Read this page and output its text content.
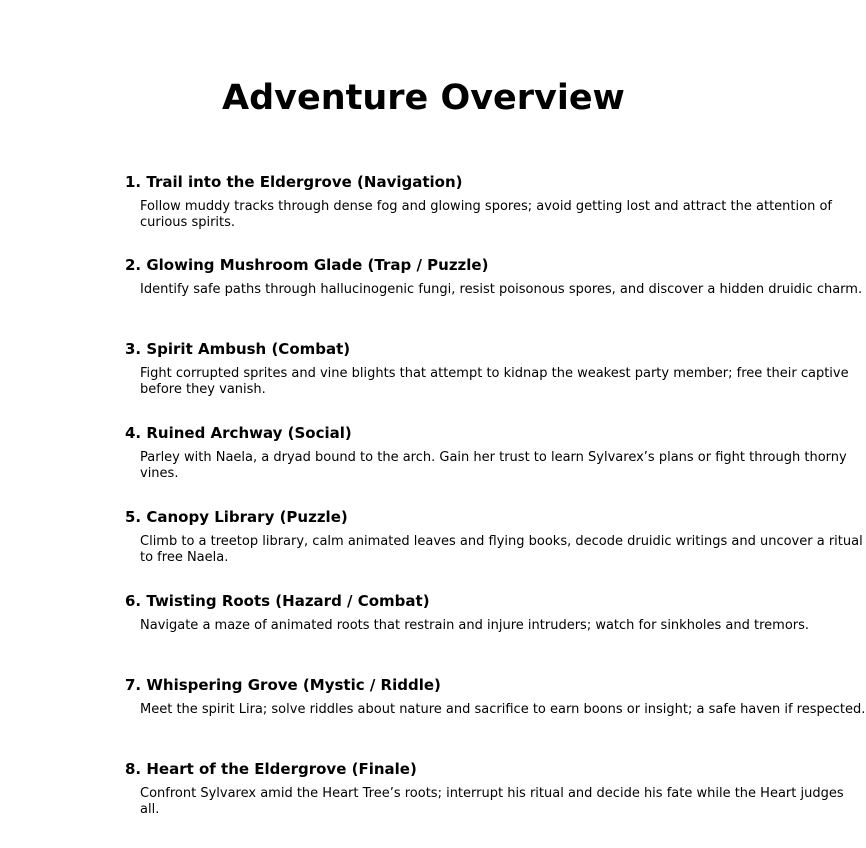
Adventure Overview
1. Trail into the Eldergrove (Navigation)

Follow muddy tracks through dense fog and glowing spores; avoid getting lost and attract the attention of curious spirits.

2. Glowing Mushroom Glade (Trap / Puzzle)

Identify safe paths through hallucinogenic fungi, resist poisonous spores, and discover a hidden druidic charm.

3. Spirit Ambush (Combat)

Fight corrupted sprites and vine blights that attempt to kidnap the weakest party member; free their captive before they vanish.

4. Ruined Archway (Social)

Parley with Naela, a dryad bound to the arch. Gain her trust to learn Sylvarex’s plans or fight through thorny vines.

5. Canopy Library (Puzzle)

Climb to a treetop library, calm animated leaves and flying books, decode druidic writings and uncover a ritual to free Naela.

6. Twisting Roots (Hazard / Combat)

Navigate a maze of animated roots that restrain and injure intruders; watch for sinkholes and tremors.

7. Whispering Grove (Mystic / Riddle)

Meet the spirit Lira; solve riddles about nature and sacrifice to earn boons or insight; a safe haven if respected.

8. Heart of the Eldergrove (Finale)

Confront Sylvarex amid the Heart Tree’s roots; interrupt his ritual and decide his fate while the Heart judges all.
